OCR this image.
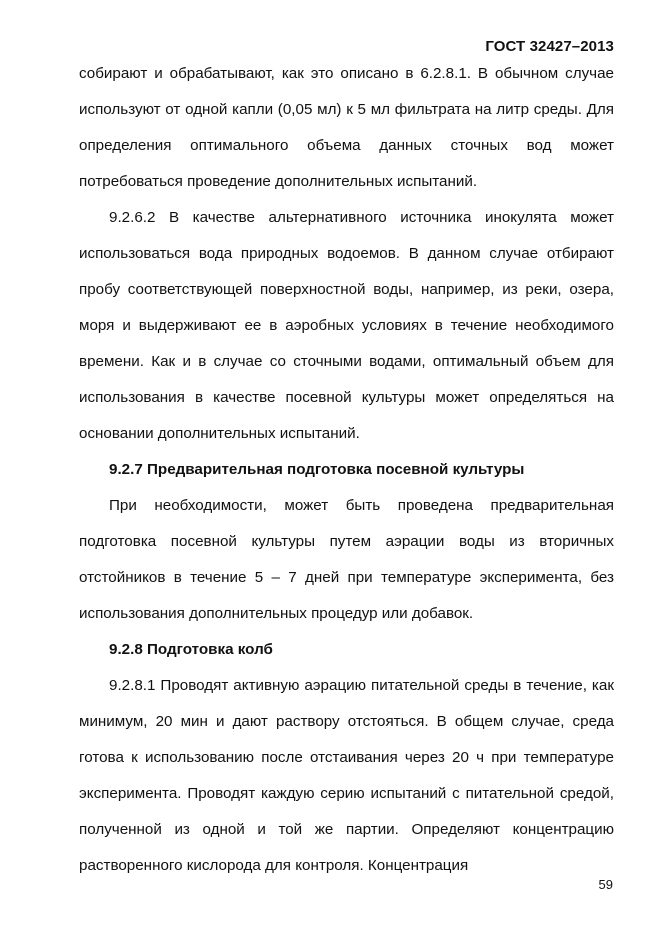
ГОСТ 32427–2013

собирают и обрабатывают, как это описано в 6.2.8.1. В обычном случае используют от одной капли (0,05 мл) к 5 мл фильтрата на литр среды. Для определения оптимального объема данных сточных вод может потребоваться проведение дополнительных испытаний.

9.2.6.2 В качестве альтернативного источника инокулята может использоваться вода природных водоемов. В данном случае отбирают пробу соответствующей поверхностной воды, например, из реки, озера, моря и выдерживают ее в аэробных условиях в течение необходимого времени. Как и в случае со сточными водами, оптимальный объем для использования в качестве посевной культуры может определяться на основании дополнительных испытаний.

9.2.7 Предварительная подготовка посевной культуры

При необходимости, может быть проведена предварительная подготовка посевной культуры путем аэрации воды из вторичных отстойников в течение 5 – 7 дней при температуре эксперимента, без использования дополнительных процедур или добавок.

9.2.8 Подготовка колб

9.2.8.1 Проводят активную аэрацию питательной среды в течение, как минимум, 20 мин и дают раствору отстояться. В общем случае, среда готова к использованию после отстаивания через 20 ч при температуре эксперимента. Проводят каждую серию испытаний с питательной средой, полученной из одной и той же партии. Определяют концентрацию растворенного кислорода для контроля. Концентрация

59
